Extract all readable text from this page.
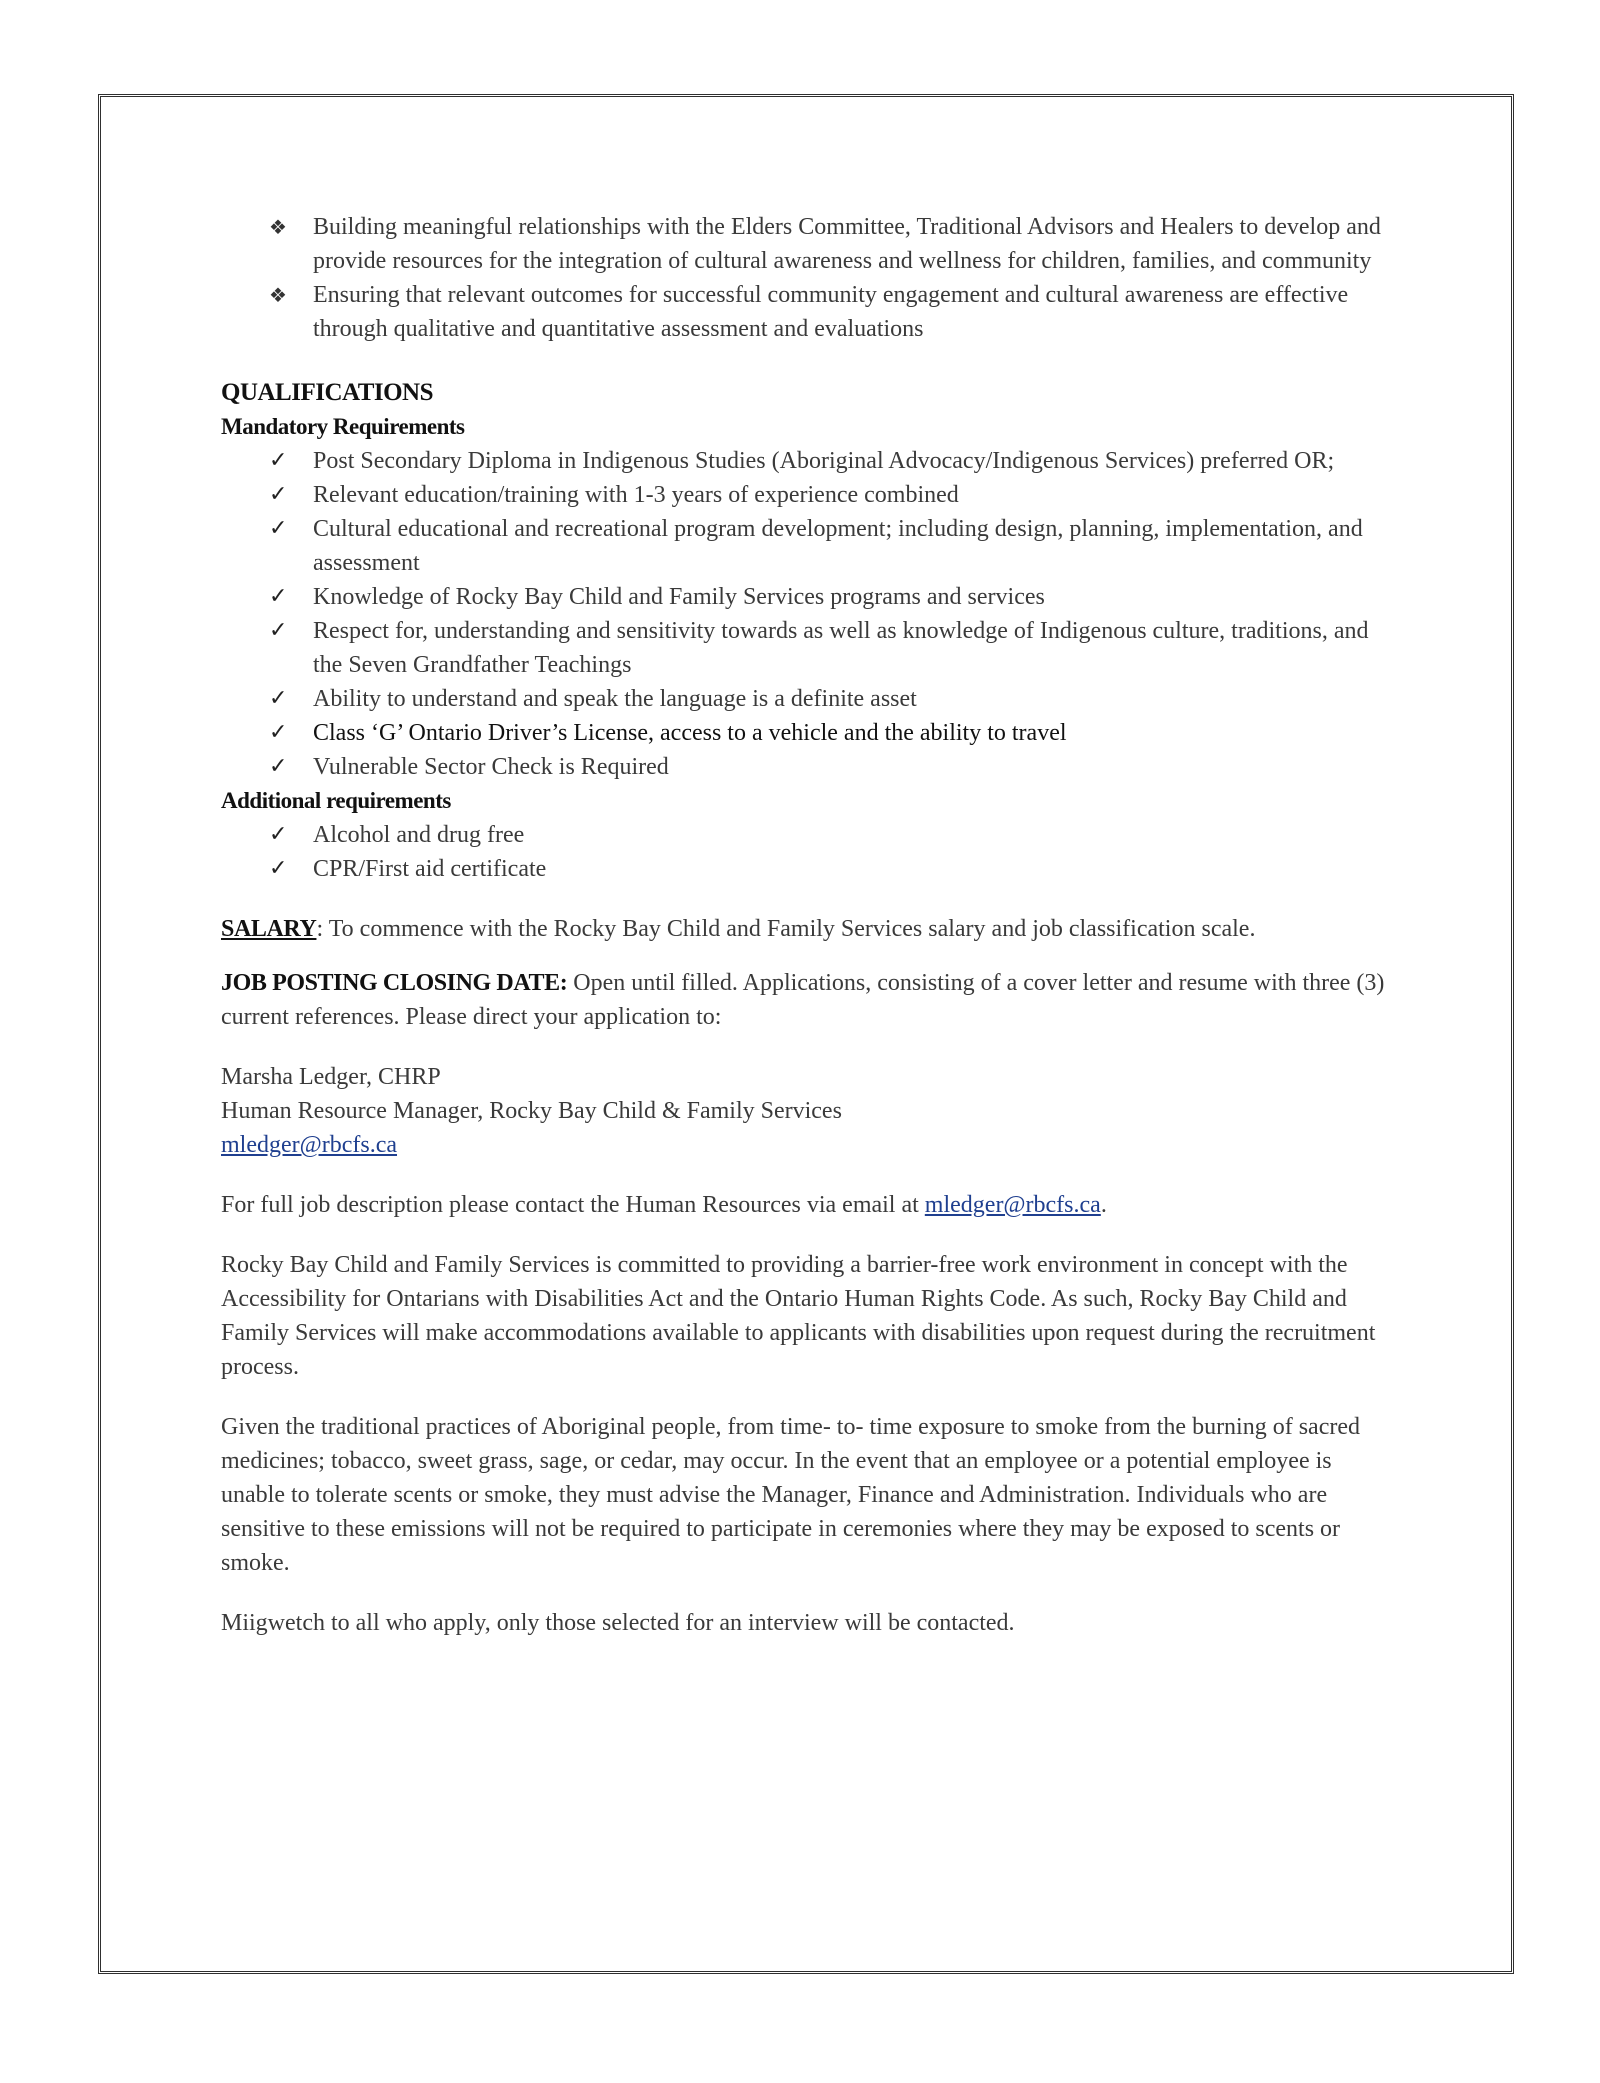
❖ Building meaningful relationships with the Elders Committee, Traditional Advisors and Healers to develop and provide resources for the integration of cultural awareness and wellness for children, families, and community
❖ Ensuring that relevant outcomes for successful community engagement and cultural awareness are effective through qualitative and quantitative assessment and evaluations
QUALIFICATIONS
Mandatory Requirements
✓ Post Secondary Diploma in Indigenous Studies (Aboriginal Advocacy/Indigenous Services) preferred OR;
✓ Relevant education/training with 1-3 years of experience combined
✓ Cultural educational and recreational program development; including design, planning, implementation, and assessment
✓ Knowledge of Rocky Bay Child and Family Services programs and services
✓ Respect for, understanding and sensitivity towards as well as knowledge of Indigenous culture, traditions, and the Seven Grandfather Teachings
✓ Ability to understand and speak the language is a definite asset
✓ Class ‘G’ Ontario Driver’s License, access to a vehicle and the ability to travel
✓ Vulnerable Sector Check is Required
Additional requirements
✓ Alcohol and drug free
✓ CPR/First aid certificate

SALARY: To commence with the Rocky Bay Child and Family Services salary and job classification scale.

JOB POSTING CLOSING DATE: Open until filled. Applications, consisting of a cover letter and resume with three (3) current references. Please direct your application to:

Marsha Ledger, CHRP
Human Resource Manager, Rocky Bay Child & Family Services
mledger@rbcfs.ca

For full job description please contact the Human Resources via email at mledger@rbcfs.ca.

Rocky Bay Child and Family Services is committed to providing a barrier-free work environment in concept with the Accessibility for Ontarians with Disabilities Act and the Ontario Human Rights Code. As such, Rocky Bay Child and Family Services will make accommodations available to applicants with disabilities upon request during the recruitment process.

Given the traditional practices of Aboriginal people, from time- to- time exposure to smoke from the burning of sacred medicines; tobacco, sweet grass, sage, or cedar, may occur. In the event that an employee or a potential employee is unable to tolerate scents or smoke, they must advise the Manager, Finance and Administration. Individuals who are sensitive to these emissions will not be required to participate in ceremonies where they may be exposed to scents or smoke.

Miigwetch to all who apply, only those selected for an interview will be contacted.
